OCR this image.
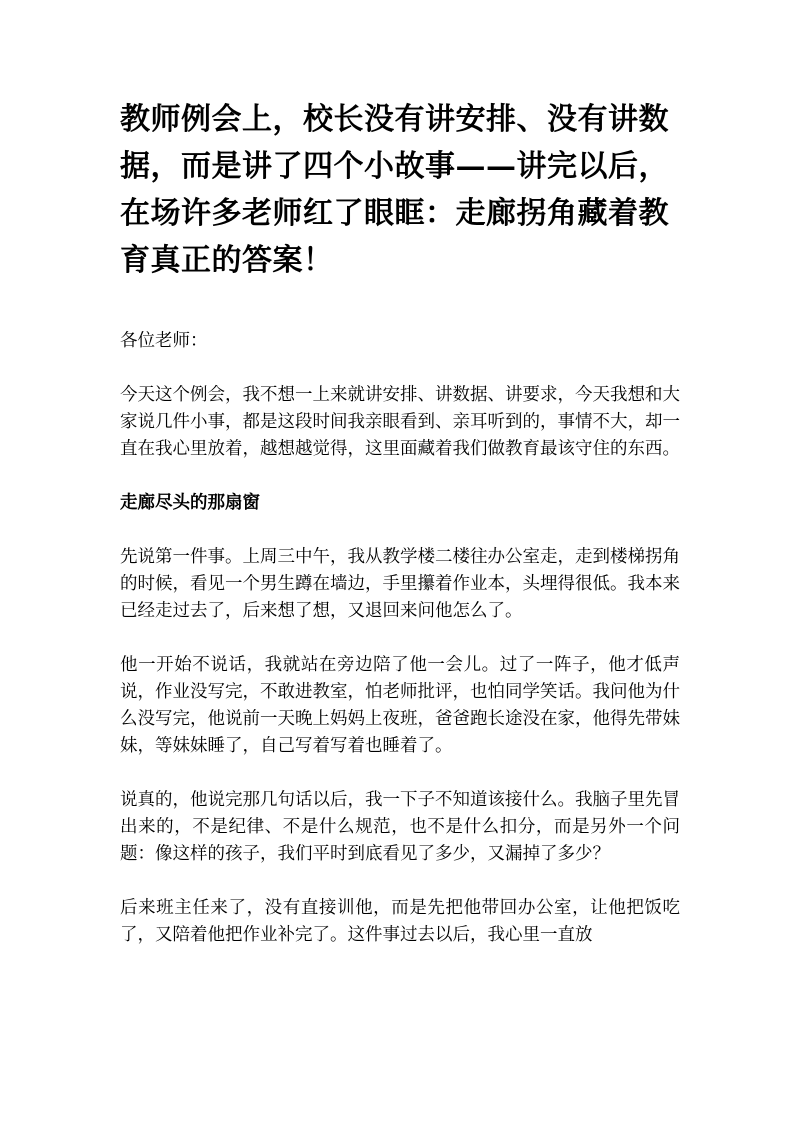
教师例会上，校长没有讲安排、没有讲数据，而是讲了四个小故事——讲完以后，在场许多老师红了眼眶：走廊拐角藏着教育真正的答案！

各位老师：

今天这个例会，我不想一上来就讲安排、讲数据、讲要求，今天我想和大家说几件小事，都是这段时间我亲眼看到、亲耳听到的，事情不大，却一直在我心里放着，越想越觉得，这里面藏着我们做教育最该守住的东西。

走廊尽头的那扇窗

先说第一件事。上周三中午，我从教学楼二楼往办公室走，走到楼梯拐角的时候，看见一个男生蹲在墙边，手里攥着作业本，头埋得很低。我本来已经走过去了，后来想了想，又退回来问他怎么了。

他一开始不说话，我就站在旁边陪了他一会儿。过了一阵子，他才低声说，作业没写完，不敢进教室，怕老师批评，也怕同学笑话。我问他为什么没写完，他说前一天晚上妈妈上夜班，爸爸跑长途没在家，他得先带妹妹，等妹妹睡了，自己写着写着也睡着了。

说真的，他说完那几句话以后，我一下子不知道该接什么。我脑子里先冒出来的，不是纪律、不是什么规范，也不是什么扣分，而是另外一个问题：像这样的孩子，我们平时到底看见了多少，又漏掉了多少？

后来班主任来了，没有直接训他，而是先把他带回办公室，让他把饭吃了，又陪着他把作业补完了。这件事过去以后，我心里一直放
